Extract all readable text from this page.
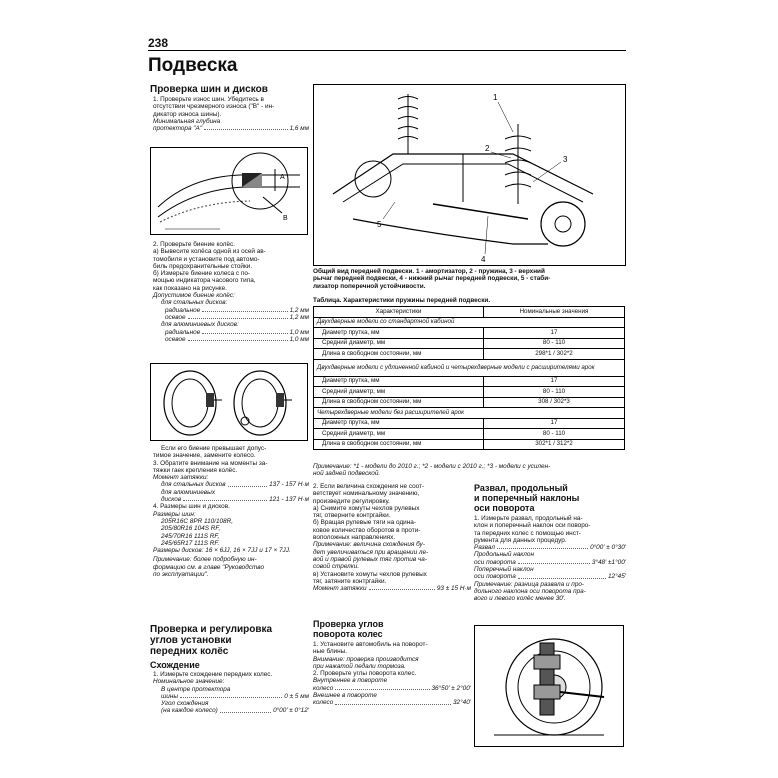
238
Подвеска
Проверка шин и дисков

1. Проверьте износ шин. Убедитесь в

отсутствии чрезмерного износа ("B" - ин-

дикатор износа шины).

Минимальная глубина

протектора "A"	1,6 мм
A
B

2. Проверьте биение колёс.

а) Вывесите колёса одной из осей ав-

томобиля и установите под автомо-

биль предохранительные стойки.

б) Измерьте биение колеса с по-

мощью индикатора часового типа,

как показано на рисунке.

Допустимое биение колёс:

для стальных дисков:

радиальное	1,2 мм
осевое	1,2 мм

для алюминиевых дисков:

радиальное	1,0 мм
осевое	1,0 мм

Если его биение превышает допус-

тимое значение, замените колесо.

3. Обратите внимание на моменты за-

тяжки гаек крепления колёс.

Момент затяжки:

для стальных дисков	137 - 157 Н·м

для алюминиевых

дисков	121 - 137 Н·м

4. Размеры шин и дисков.

Размеры шин:

205R16C 8PR 110/108R,

205/80R16 104S RF,

245/70R16 111S RF,

245/65R17 111S RF.

Размеры дисков: 16 × 6JJ, 16 × 7JJ и 17 × 7JJ.

Примечание: более подробную ин-

формацию см. в главе "Руководство

по эксплуатации".

Проверка и регулировка
углов установки
передних колёс
Схождение

1. Измерьте схождение передних колес.

Номинальное значение:

В центре протектора

шины	0 ± 5 мм

Угол схождения

(на каждое колесо)	0°00' ± 0°12'
1
2
3
4
5
Общий вид передней подвески. 1 - амортизатор, 2 - пружина, 3 - верхний
рычаг передней подвески, 4 - нижний рычаг передней подвески, 5 - стаби-
лизатор поперечной устойчивости.
Таблица. Характеристики пружины передней подвески.
Характеристики	Номинальные значения
Двухдверные модели со стандартной кабиной	
Диаметр прутка, мм	17
Средний диаметр, мм	80 - 110
Длина в свободном состоянии, мм	298*1 / 302*2
Двухдверные модели с удлиненной кабиной и четырехдверные модели с расширителями арок	
Диаметр прутка, мм	17
Средний диаметр, мм	80 - 110
Длина в свободном состоянии, мм	308 / 302*3
Четырехдверные модели без расширителей арок	
Диаметр прутка, мм	17
Средний диаметр, мм	80 - 110
Длина в свободном состоянии, мм	302*1 / 312*2

Примечание: *1 - модели до 2010 г.; *2 - модели с 2010 г.; *3 - модели с усилен-

ной задней подвеской.

2. Если величина схождения не соот-

ветствует номинальному значению,

произведите регулировку.

а) Снимите хомуты чехлов рулевых

тяг, отверните контргайки.

б) Вращая рулевые тяги на одина-

ковое количество оборотов в проти-

воположных направлениях.

Примечание: величина схождения бу-

дет увеличиваться при вращении ле-

вой и правой рулевых тяг против ча-

совой стрелки.

в) Установите хомуты чехлов рулевых

тяг, затяните контргайки.

Момент затяжки	93 ± 15 Н·м
Проверка углов
поворота колес

1. Установите автомобиль на поворот-

ные блины.

Внимание: проверка производится

при нажатой педали тормоза.

2. Проверьте углы поворота колес.

Внутреннее в повороте

колесо	36°50' ± 2°00'

Внешнее в повороте

колесо	32°40'
Развал, продольный
и поперечный наклоны
оси поворота

1. Измерьте развал, продольный на-

клон и поперечный наклон оси поворо-

та передних колес с помощью инст-

румента для данных процедур.

Развал	0°00' ± 0°30'

Продольный наклон

оси поворота	3°48' ±1°00'

Поперечный наклон

оси поворота	12°45'

Примечание: разница развала и про-

дольного наклона оси поворота пра-

вого и левого колёс менее 30'.
